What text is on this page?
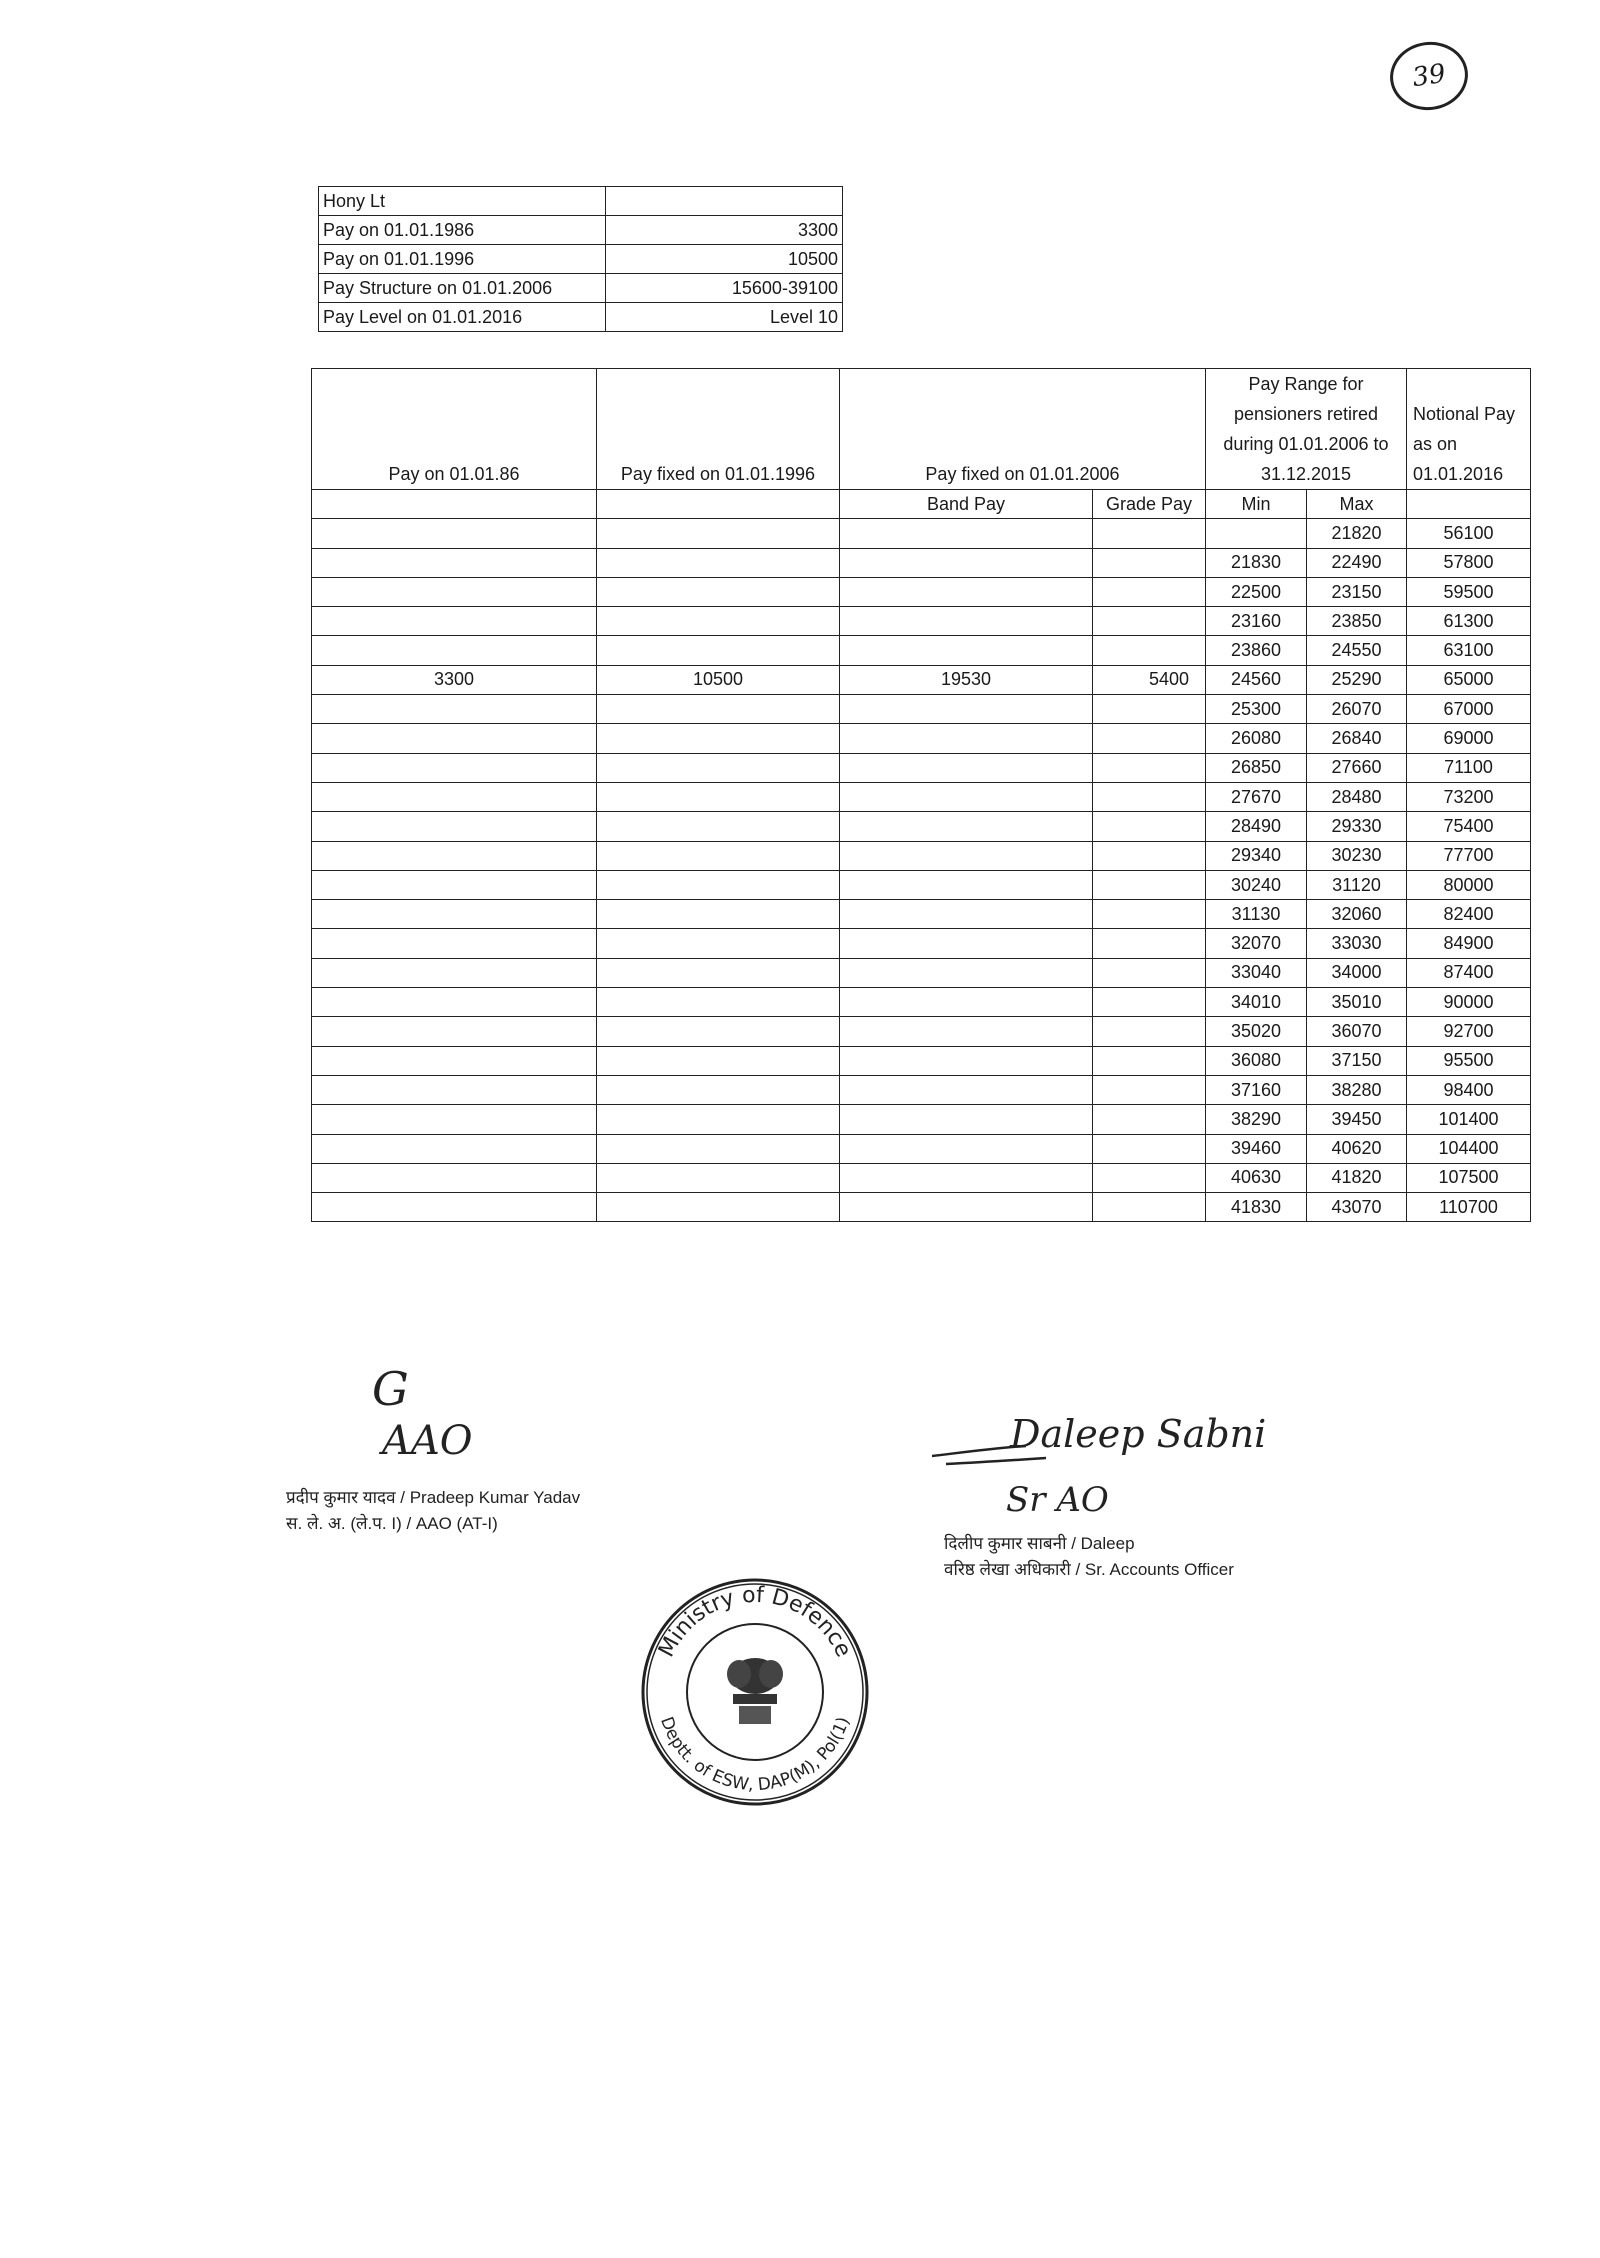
39
Hony Lt	
Pay on 01.01.1986	3300
Pay on 01.01.1996	10500
Pay Structure on 01.01.2006	15600-39100
Pay Level on 01.01.2016	Level 10
Pay on 01.01.86	Pay fixed on 01.01.1996	Pay fixed on 01.01.2006		Pay Range for pensioners retired during 01.01.2006 to 31.12.2015		Notional Pay as on 01.01.2016
		Band Pay	Grade Pay	Min	Max	
					21820	56100
				21830	22490	57800
				22500	23150	59500
				23160	23850	61300
				23860	24550	63100
3300	10500	19530	5400	24560	25290	65000
				25300	26070	67000
				26080	26840	69000
				26850	27660	71100
				27670	28480	73200
				28490	29330	75400
				29340	30230	77700
				30240	31120	80000
				31130	32060	82400
				32070	33030	84900
				33040	34000	87400
				34010	35010	90000
				35020	36070	92700
				36080	37150	95500
				37160	38280	98400
				38290	39450	101400
				39460	40620	104400
				40630	41820	107500
				41830	43070	110700
G
AAO
प्रदीप कुमार यादव / Pradeep Kumar Yadav
स. ले. अ. (ले.प. I) / AAO (AT-I)
Daleep Sabni
Sr AO
दिलीप कुमार साबनी / Daleep
वरिष्ठ लेखा अधिकारी / Sr. Accounts Officer
Ministry of Defence
Deptt. of ESW, DAP(M), Pol(1)
